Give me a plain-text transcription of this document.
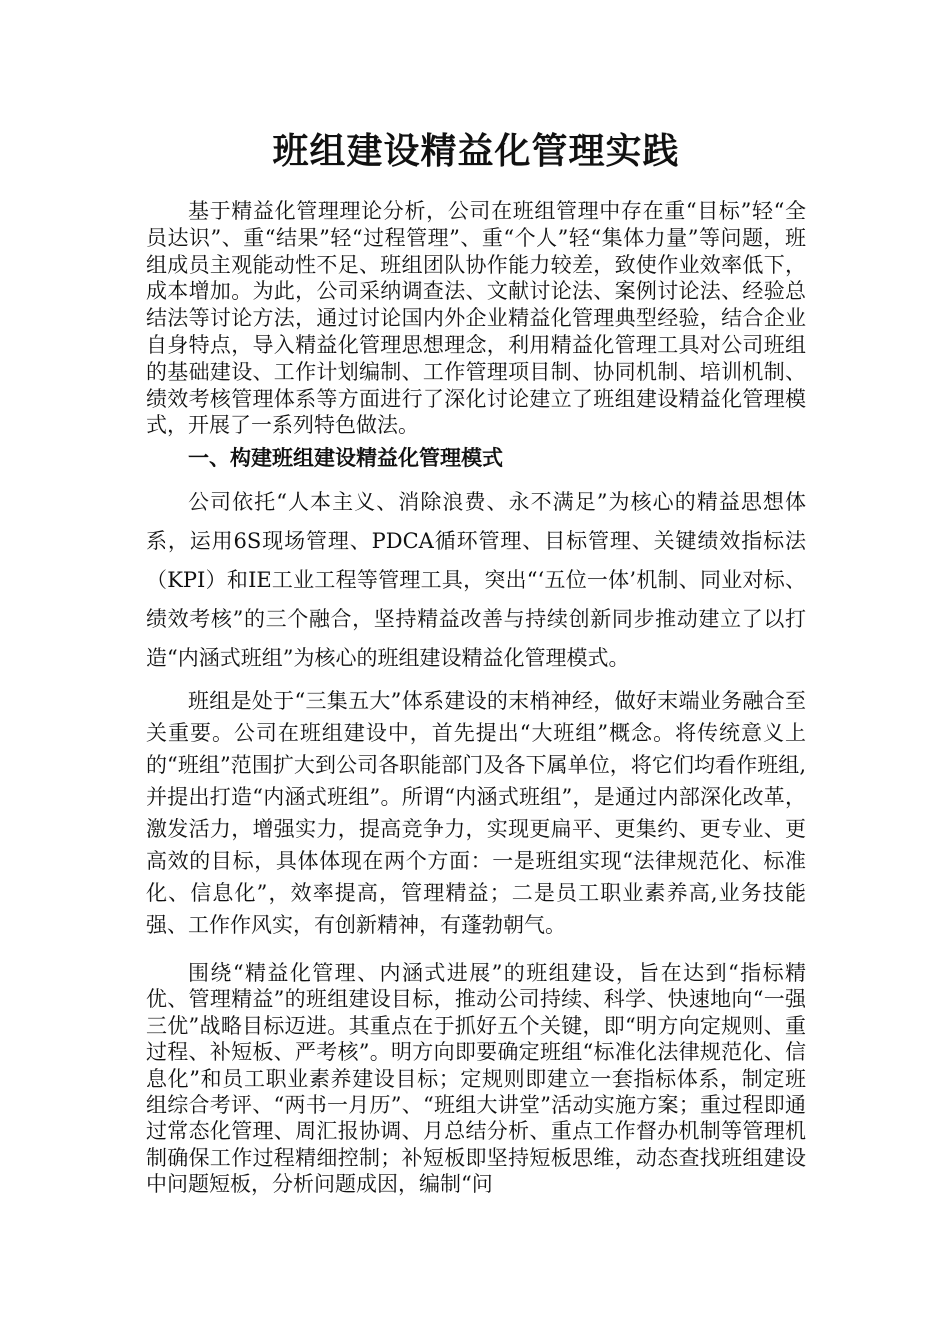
班组建设精益化管理实践

基于精益化管理理论分析，公司在班组管理中存在重“目标”轻“全员达识”、重“结果”轻“过程管理”、重“个人”轻“集体力量”等问题，班组成员主观能动性不足、班组团队协作能力较差，致使作业效率低下，成本增加。为此，公司采纳调查法、文献讨论法、案例讨论法、经验总结法等讨论方法，通过讨论国内外企业精益化管理典型经验，结合企业自身特点，导入精益化管理思想理念，利用精益化管理工具对公司班组的基础建设、工作计划编制、工作管理项目制、协同机制、培训机制、绩效考核管理体系等方面进行了深化讨论建立了班组建设精益化管理模式，开展了一系列特色做法。

一、构建班组建设精益化管理模式

公司依托“人本主义、消除浪费、永不满足”为核心的精益思想体系，运用6S现场管理、PDCA循环管理、目标管理、关键绩效指标法（KPI）和IE工业工程等管理工具，突出“‘五位一体’机制、同业对标、绩效考核”的三个融合，坚持精益改善与持续创新同步推动建立了以打造“内涵式班组”为核心的班组建设精益化管理模式。

班组是处于“三集五大”体系建设的末梢神经，做好末端业务融合至关重要。公司在班组建设中，首先提出“大班组”概念。将传统意义上的“班组”范围扩大到公司各职能部门及各下属单位，将它们均看作班组,并提出打造“内涵式班组”。所谓“内涵式班组”，是通过内部深化改革，激发活力，增强实力，提高竞争力，实现更扁平、更集约、更专业、更高效的目标，具体体现在两个方面：一是班组实现“法律规范化、标准化、信息化”，效率提高，管理精益；二是员工职业素养高,业务技能强、工作作风实，有创新精神，有蓬勃朝气。

围绕“精益化管理、内涵式进展”的班组建设，旨在达到“指标精优、管理精益”的班组建设目标，推动公司持续、科学、快速地向“一强三优”战略目标迈进。其重点在于抓好五个关键，即“明方向定规则、重过程、补短板、严考核”。明方向即要确定班组“标准化法律规范化、信息化”和员工职业素养建设目标；定规则即建立一套指标体系，制定班组综合考评、“两书一月历”、“班组大讲堂”活动实施方案；重过程即通过常态化管理、周汇报协调、月总结分析、重点工作督办机制等管理机制确保工作过程精细控制；补短板即坚持短板思维，动态查找班组建设中问题短板，分析问题成因，编制“问
